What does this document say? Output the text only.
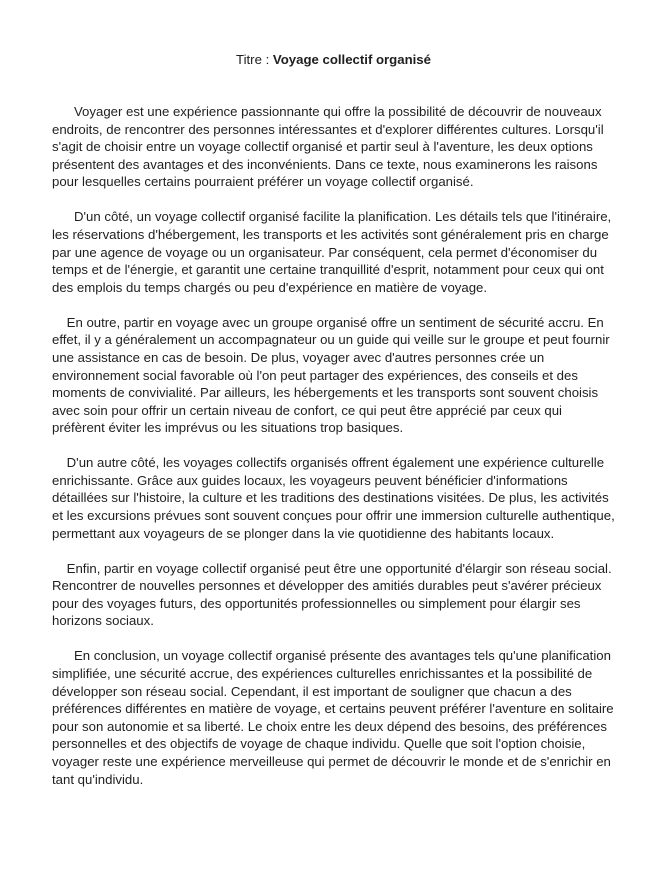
Titre : Voyage collectif organisé

Voyager est une expérience passionnante qui offre la possibilité de découvrir de nouveaux endroits, de rencontrer des personnes intéressantes et d'explorer différentes cultures. Lorsqu'il s'agit de choisir entre un voyage collectif organisé et partir seul à l'aventure, les deux options présentent des avantages et des inconvénients. Dans ce texte, nous examinerons les raisons pour lesquelles certains pourraient préférer un voyage collectif organisé.

D'un côté, un voyage collectif organisé facilite la planification. Les détails tels que l'itinéraire, les réservations d'hébergement, les transports et les activités sont généralement pris en charge par une agence de voyage ou un organisateur. Par conséquent, cela permet d'économiser du temps et de l'énergie, et garantit une certaine tranquillité d'esprit, notamment pour ceux qui ont des emplois du temps chargés ou peu d'expérience en matière de voyage.

En outre, partir en voyage avec un groupe organisé offre un sentiment de sécurité accru. En effet, il y a généralement un accompagnateur ou un guide qui veille sur le groupe et peut fournir une assistance en cas de besoin. De plus, voyager avec d'autres personnes crée un environnement social favorable où l'on peut partager des expériences, des conseils et des moments de convivialité. Par ailleurs, les hébergements et les transports sont souvent choisis avec soin pour offrir un certain niveau de confort, ce qui peut être apprécié par ceux qui préfèrent éviter les imprévus ou les situations trop basiques.

D'un autre côté, les voyages collectifs organisés offrent également une expérience culturelle enrichissante. Grâce aux guides locaux, les voyageurs peuvent bénéficier d'informations détaillées sur l'histoire, la culture et les traditions des destinations visitées. De plus, les activités et les excursions prévues sont souvent conçues pour offrir une immersion culturelle authentique, permettant aux voyageurs de se plonger dans la vie quotidienne des habitants locaux.

Enfin, partir en voyage collectif organisé peut être une opportunité d'élargir son réseau social. Rencontrer de nouvelles personnes et développer des amitiés durables peut s'avérer précieux pour des voyages futurs, des opportunités professionnelles ou simplement pour élargir ses horizons sociaux.

En conclusion, un voyage collectif organisé présente des avantages tels qu'une planification simplifiée, une sécurité accrue, des expériences culturelles enrichissantes et la possibilité de développer son réseau social. Cependant, il est important de souligner que chacun a des préférences différentes en matière de voyage, et certains peuvent préférer l'aventure en solitaire pour son autonomie et sa liberté. Le choix entre les deux dépend des besoins, des préférences personnelles et des objectifs de voyage de chaque individu. Quelle que soit l'option choisie, voyager reste une expérience merveilleuse qui permet de découvrir le monde et de s'enrichir en tant qu'individu.
